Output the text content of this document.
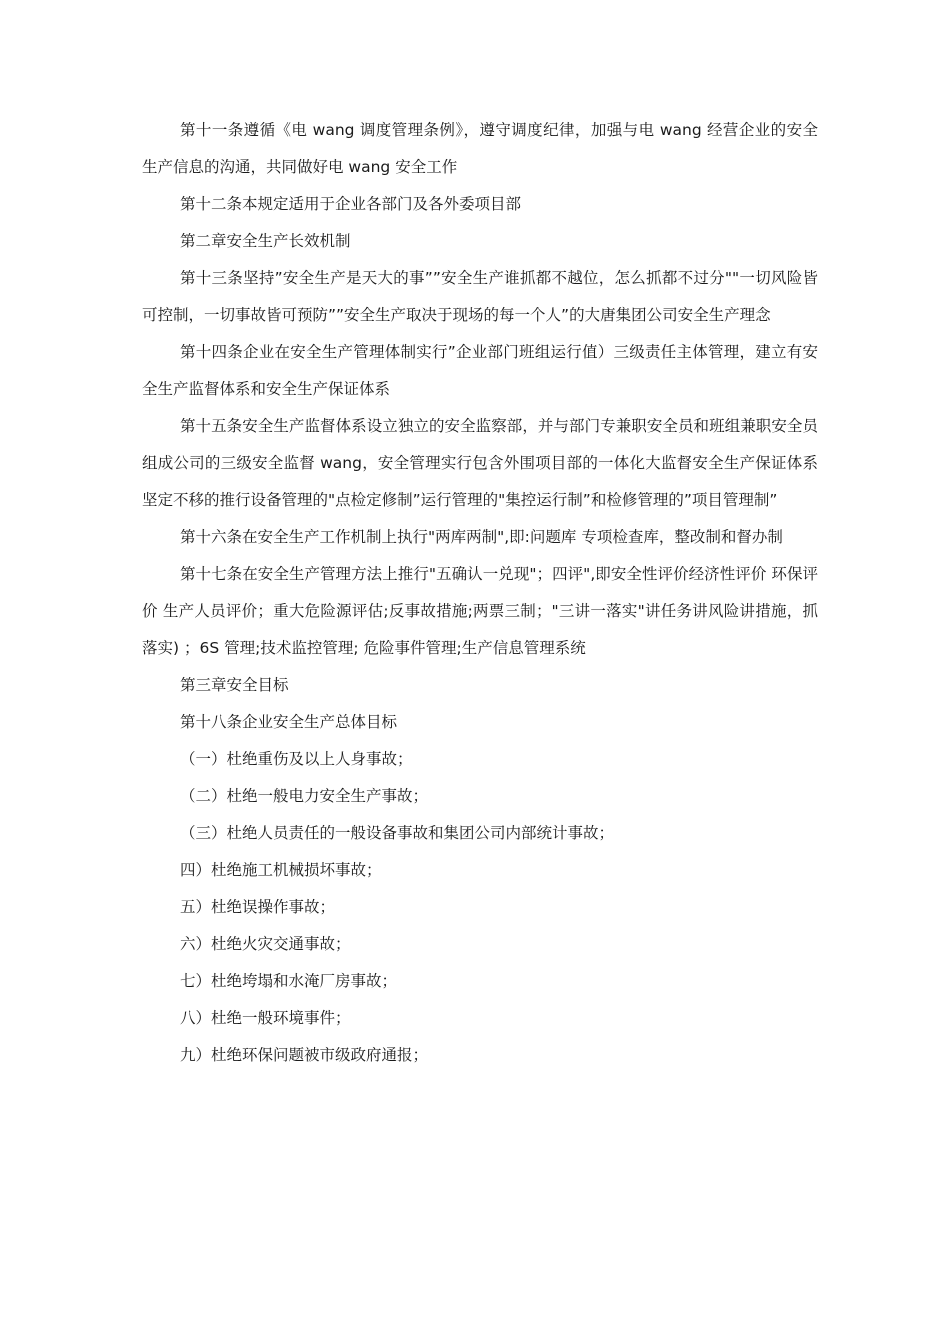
第十一条遵循《电 wang 调度管理条例》，遵守调度纪律，加强与电 wang 经营企业的安全生产信息的沟通，共同做好电 wang 安全工作

第十二条本规定适用于企业各部门及各外委项目部

第二章安全生产长效机制

第十三条坚持”安全生产是天大的事””安全生产谁抓都不越位，怎么抓都不过分""一切风险皆可控制，一切事故皆可预防””安全生产取决于现场的每一个人”的大唐集团公司安全生产理念

第十四条企业在安全生产管理体制实行”企业部门班组运行值）三级责任主体管理，建立有安全生产监督体系和安全生产保证体系

第十五条安全生产监督体系设立独立的安全监察部，并与部门专兼职安全员和班组兼职安全员组成公司的三级安全监督 wang，安全管理实行包含外围项目部的一体化大监督安全生产保证体系坚定不移的推行设备管理的"点检定修制”运行管理的"集控运行制”和检修管理的”项目管理制”

第十六条在安全生产工作机制上执行"两库两制",即:问题库 专项检查库，整改制和督办制

第十七条在安全生产管理方法上推行"五确认一兑现"；四评",即安全性评价经济性评价 环保评价 生产人员评价；重大危险源评估;反事故措施;两票三制；"三讲一落实"讲任务讲风险讲措施，抓落实) ；6S 管理;技术监控管理; 危险事件管理;生产信息管理系统

第三章安全目标

第十八条企业安全生产总体目标

（一）杜绝重伤及以上人身事故；

（二）杜绝一般电力安全生产事故；

（三）杜绝人员责任的一般设备事故和集团公司内部统计事故；

四）杜绝施工机械损坏事故；

五）杜绝误操作事故；

六）杜绝火灾交通事故；

七）杜绝垮塌和水淹厂房事故；

八）杜绝一般环境事件；

九）杜绝环保问题被市级政府通报；
